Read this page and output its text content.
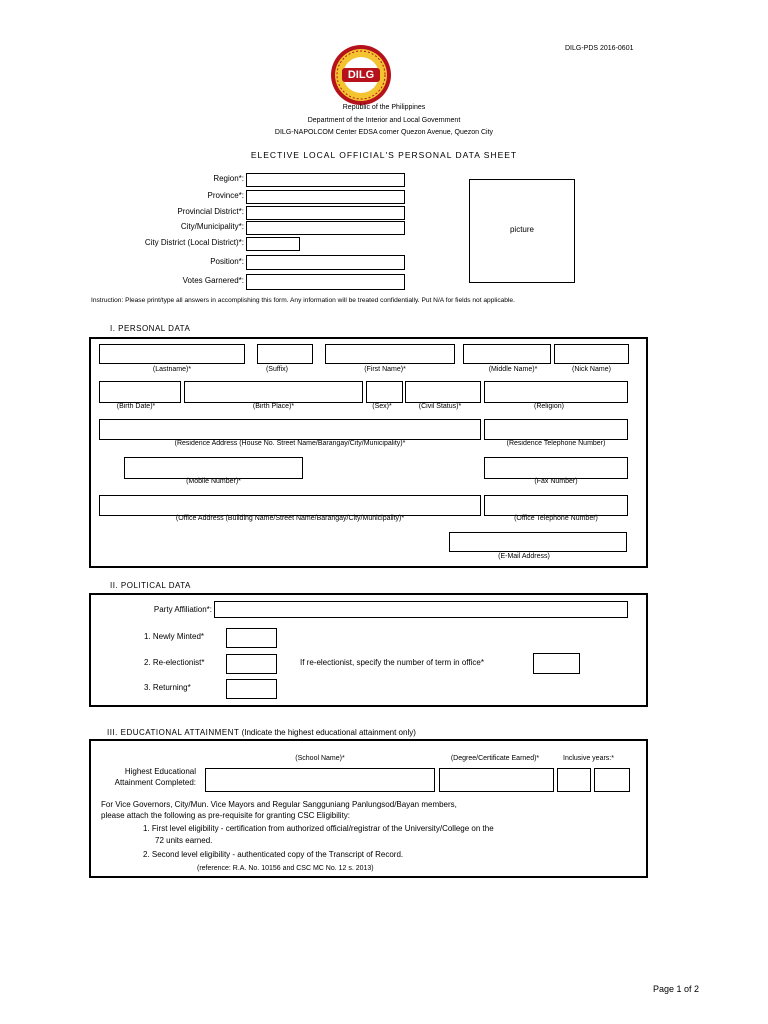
DILG-PDS 2016-0601
DILG
Republic of the Philippines
Department of the Interior and Local Government
DILG-NAPOLCOM Center EDSA corner Quezon Avenue, Quezon City
ELECTIVE LOCAL OFFICIAL'S PERSONAL DATA SHEET
Region*:
Province*:
Provincial District*:
City/Municipality*:
City District (Local District)*:
Position*:
Votes Garnered*:
picture
Instruction: Please print/type all answers in accomplishing this form. Any information will be treated confidentially. Put N/A for fields not applicable.
I. PERSONAL DATA
(Lastname)*	(Suffix)	(First Name)*	(Middle Name)*	(Nick Name)
(Birth Date)*	(Birth Place)*	(Sex)*	(Civil Status)*	(Religion)
(Residence Address (House No. Street Name/Barangay/City/Municipality)*	(Residence Telephone Number)
(Mobile Number)*	(Fax Number)
(Office Address (Building Name/Street Name/Barangay/City/Municipality)*	(Office Telephone Number)
(E-Mail Address)
II. POLITICAL DATA
Party Affiliation*:
1. Newly Minted*
2. Re-electionist*	If re-electionist, specify the number of term in office*
3. Returning*
III. EDUCATIONAL ATTAINMENT (Indicate the highest educational attainment only)
(School Name)*	(Degree/Certificate Earned)*	Inclusive years:*
Highest Educational
Attainment Completed:
For Vice Governors, City/Mun. Vice Mayors and Regular Sangguniang Panlungsod/Bayan members,
please attach the following as pre-requisite for granting CSC Eligibility:
1. First level eligibility - certification from authorized official/registrar of the University/College on the
72 units earned.
2. Second level eligibility - authenticated copy of the Transcript of Record.
(reference: R.A. No. 10156 and CSC MC No. 12 s. 2013)
Page 1 of 2
